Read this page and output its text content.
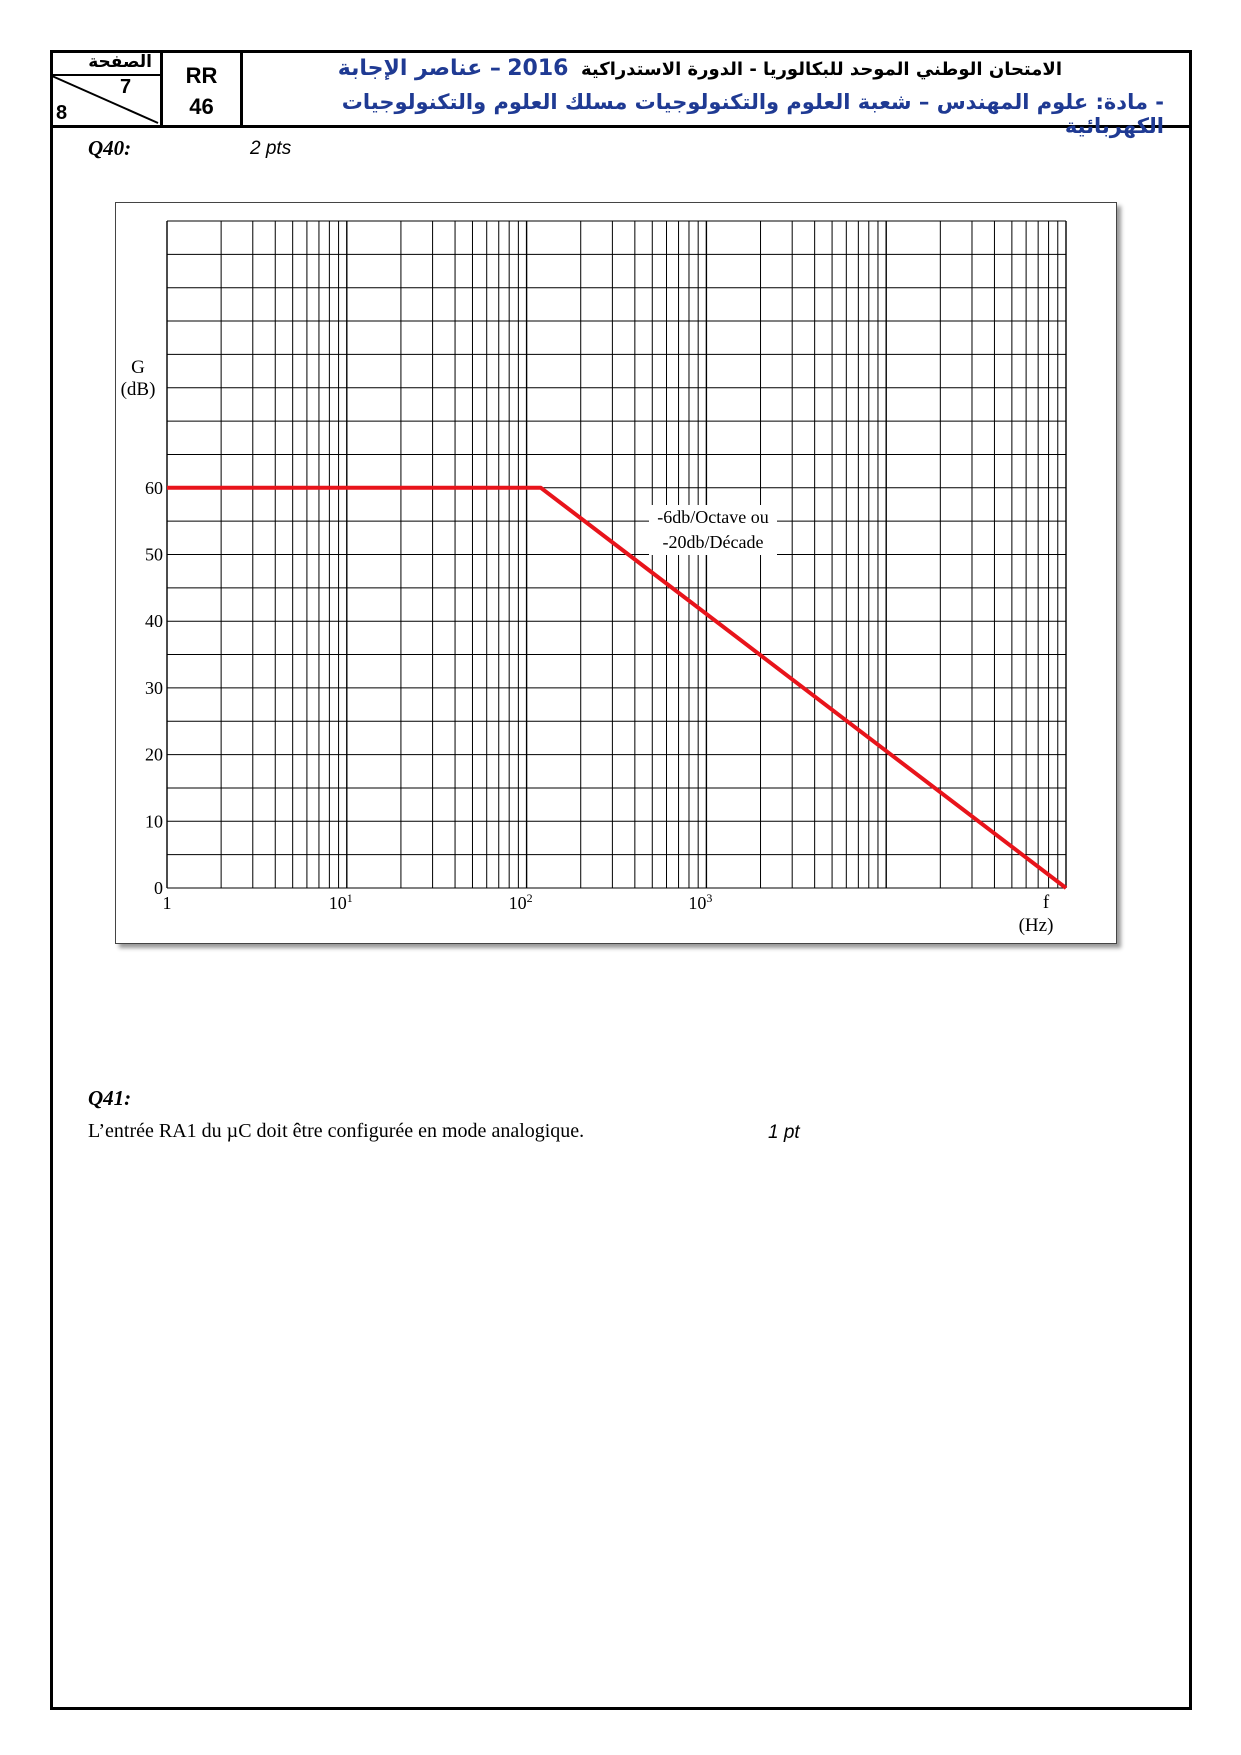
الصفحة
7
8
RR
46
الامتحان الوطني الموحد للبكالوريا - الدورة الاستدراكية  2016 – عناصر الإجابة
- مادة: علوم المهندس – شعبة العلوم والتكنولوجيات مسلك العلوم والتكنولوجيات الكهربائية
Q40:	2 pts
0
10
20
30
40
50
60
1	$10^1$	$10^2$	$10^3$
G
(dB)
f
(Hz)
-6db/Octave ou
-20db/Décade
Q41:
L’entrée RA1 du µC doit être configurée en mode analogique.	1 pt
